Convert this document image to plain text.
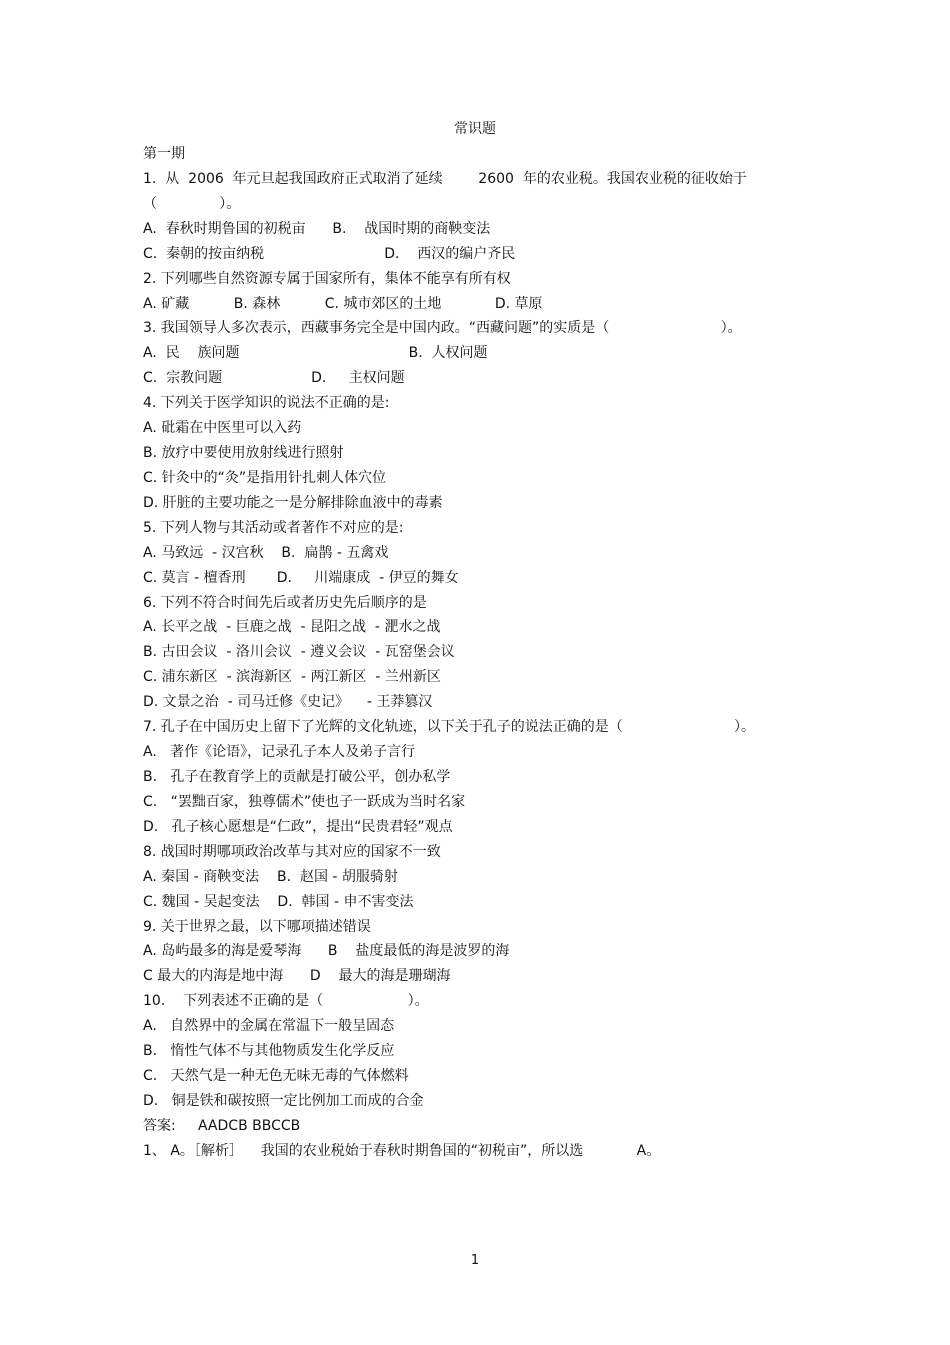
常识题
第一期
1.  从  2006  年元旦起我国政府正式取消了延续        2600  年的农业税。我国农业税的征收始于
（              ）。
A.  春秋时期鲁国的初税亩      B.    战国时期的商鞅变法
C.  秦朝的按亩纳税                           D.    西汉的编户齐民
2. 下列哪些自然资源专属于国家所有，集体不能享有所有权
A. 矿藏          B. 森林          C. 城市郊区的土地            D. 草原
3. 我国领导人多次表示，西藏事务完全是中国内政。“西藏问题”的实质是（                         ）。
A.  民    族问题                                      B.  人权问题
C.  宗教问题                    D.     主权问题
4. 下列关于医学知识的说法不正确的是:
A. 砒霜在中医里可以入药
B. 放疗中要使用放射线进行照射
C. 针灸中的“灸”是指用针扎刺人体穴位
D. 肝脏的主要功能之一是分解排除血液中的毒素
5. 下列人物与其活动或者著作不对应的是:
A. 马致远  - 汉宫秋    B.  扁鹊 - 五禽戏
C. 莫言 - 檀香刑       D.     川端康成  - 伊豆的舞女
6. 下列不符合时间先后或者历史先后顺序的是
A. 长平之战  - 巨鹿之战  - 昆阳之战  - 淝水之战
B. 古田会议  - 洛川会议  - 遵义会议  - 瓦窑堡会议
C. 浦东新区  - 滨海新区  - 两江新区  - 兰州新区
D. 文景之治  - 司马迁修《史记》    - 王莽篡汉
7. 孔子在中国历史上留下了光辉的文化轨迹，以下关于孔子的说法正确的是（                         ）。
A.   著作《论语》，记录孔子本人及弟子言行
B.   孔子在教育学上的贡献是打破公平，创办私学
C.   “罢黜百家，独尊儒术”使也子一跃成为当时名家
D.   孔子核心愿想是“仁政”，提出“民贵君轻”观点
8. 战国时期哪项政治改革与其对应的国家不一致
A. 秦国 - 商鞅变法    B.  赵国 - 胡服骑射
C. 魏国 - 吴起变法    D.  韩国 - 申不害变法
9. 关于世界之最，以下哪项描述错误
A. 岛屿最多的海是爱琴海      B    盐度最低的海是波罗的海
C 最大的内海是地中海      D    最大的海是珊瑚海
10.    下列表述不正确的是（                   ）。
A.   自然界中的金属在常温下一般呈固态
B.   惰性气体不与其他物质发生化学反应
C.   天然气是一种无色无味无毒的气体燃料
D.   铜是铁和碳按照一定比例加工而成的合金
答案:     AADCB BBCCB
1、 A。［解析］    我国的农业税始于春秋时期鲁国的“初税亩”，所以选            A。
1
